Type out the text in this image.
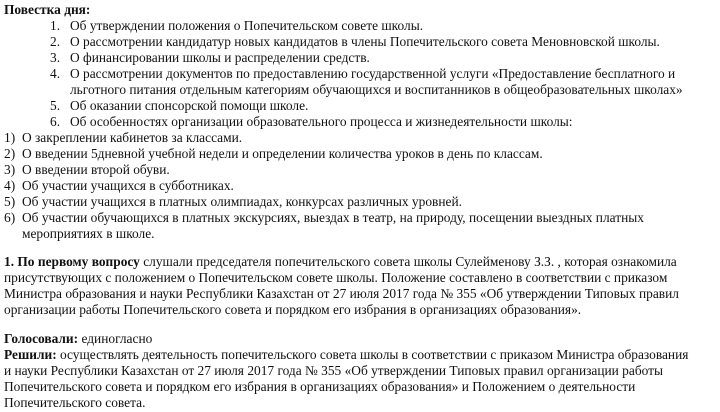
Повестка дня:
1. Об утверждении положения о Попечительском совете школы.
2. О рассмотрении кандидатур новых кандидатов в члены Попечительского совета Меновновской школы.
3. О финансировании школы и распределении средств.
4. О рассмотрении документов по предоставлению государственной услуги «Предоставление бесплатного и
льготного питания отдельным категориям обучающихся и воспитанников в общеобразовательных школах»
5. Об оказании спонсорской помощи школе.
6. Об особенностях организации образовательного процесса и жизнедеятельности школы:
1) О закреплении кабинетов за классами.
2) О введении 5дневной учебной недели и определении количества уроков в день по классам.
3) О введении второй обуви.
4) Об участии учащихся в субботниках.
5) Об участии учащихся в платных олимпиадах, конкурсах различных уровней.
6) Об участии обучающихся в платных экскурсиях, выездах в театр, на природу, посещении выездных платных
мероприятиях в школе.
1. По первому вопросу слушали председателя попечительского совета школы Сулейменову З.З. , которая ознакомила
присутствующих с положением о Попечительском совете школы. Положение составлено в соответствии с приказом
Министра образования и науки Республики Казахстан от 27 июля 2017 года № 355 «Об утверждении Типовых правил
организации работы Попечительского совета и порядком его избрания в организациях образования».
Голосовали: единогласно
Решили: осуществлять деятельность попечительского совета школы в соответствии с приказом Министра образования
и науки Республики Казахстан от 27 июля 2017 года № 355 «Об утверждении Типовых правил организации работы
Попечительского совета и порядком его избрания в организациях образования» и Положением о деятельности
Попечительского совета.
